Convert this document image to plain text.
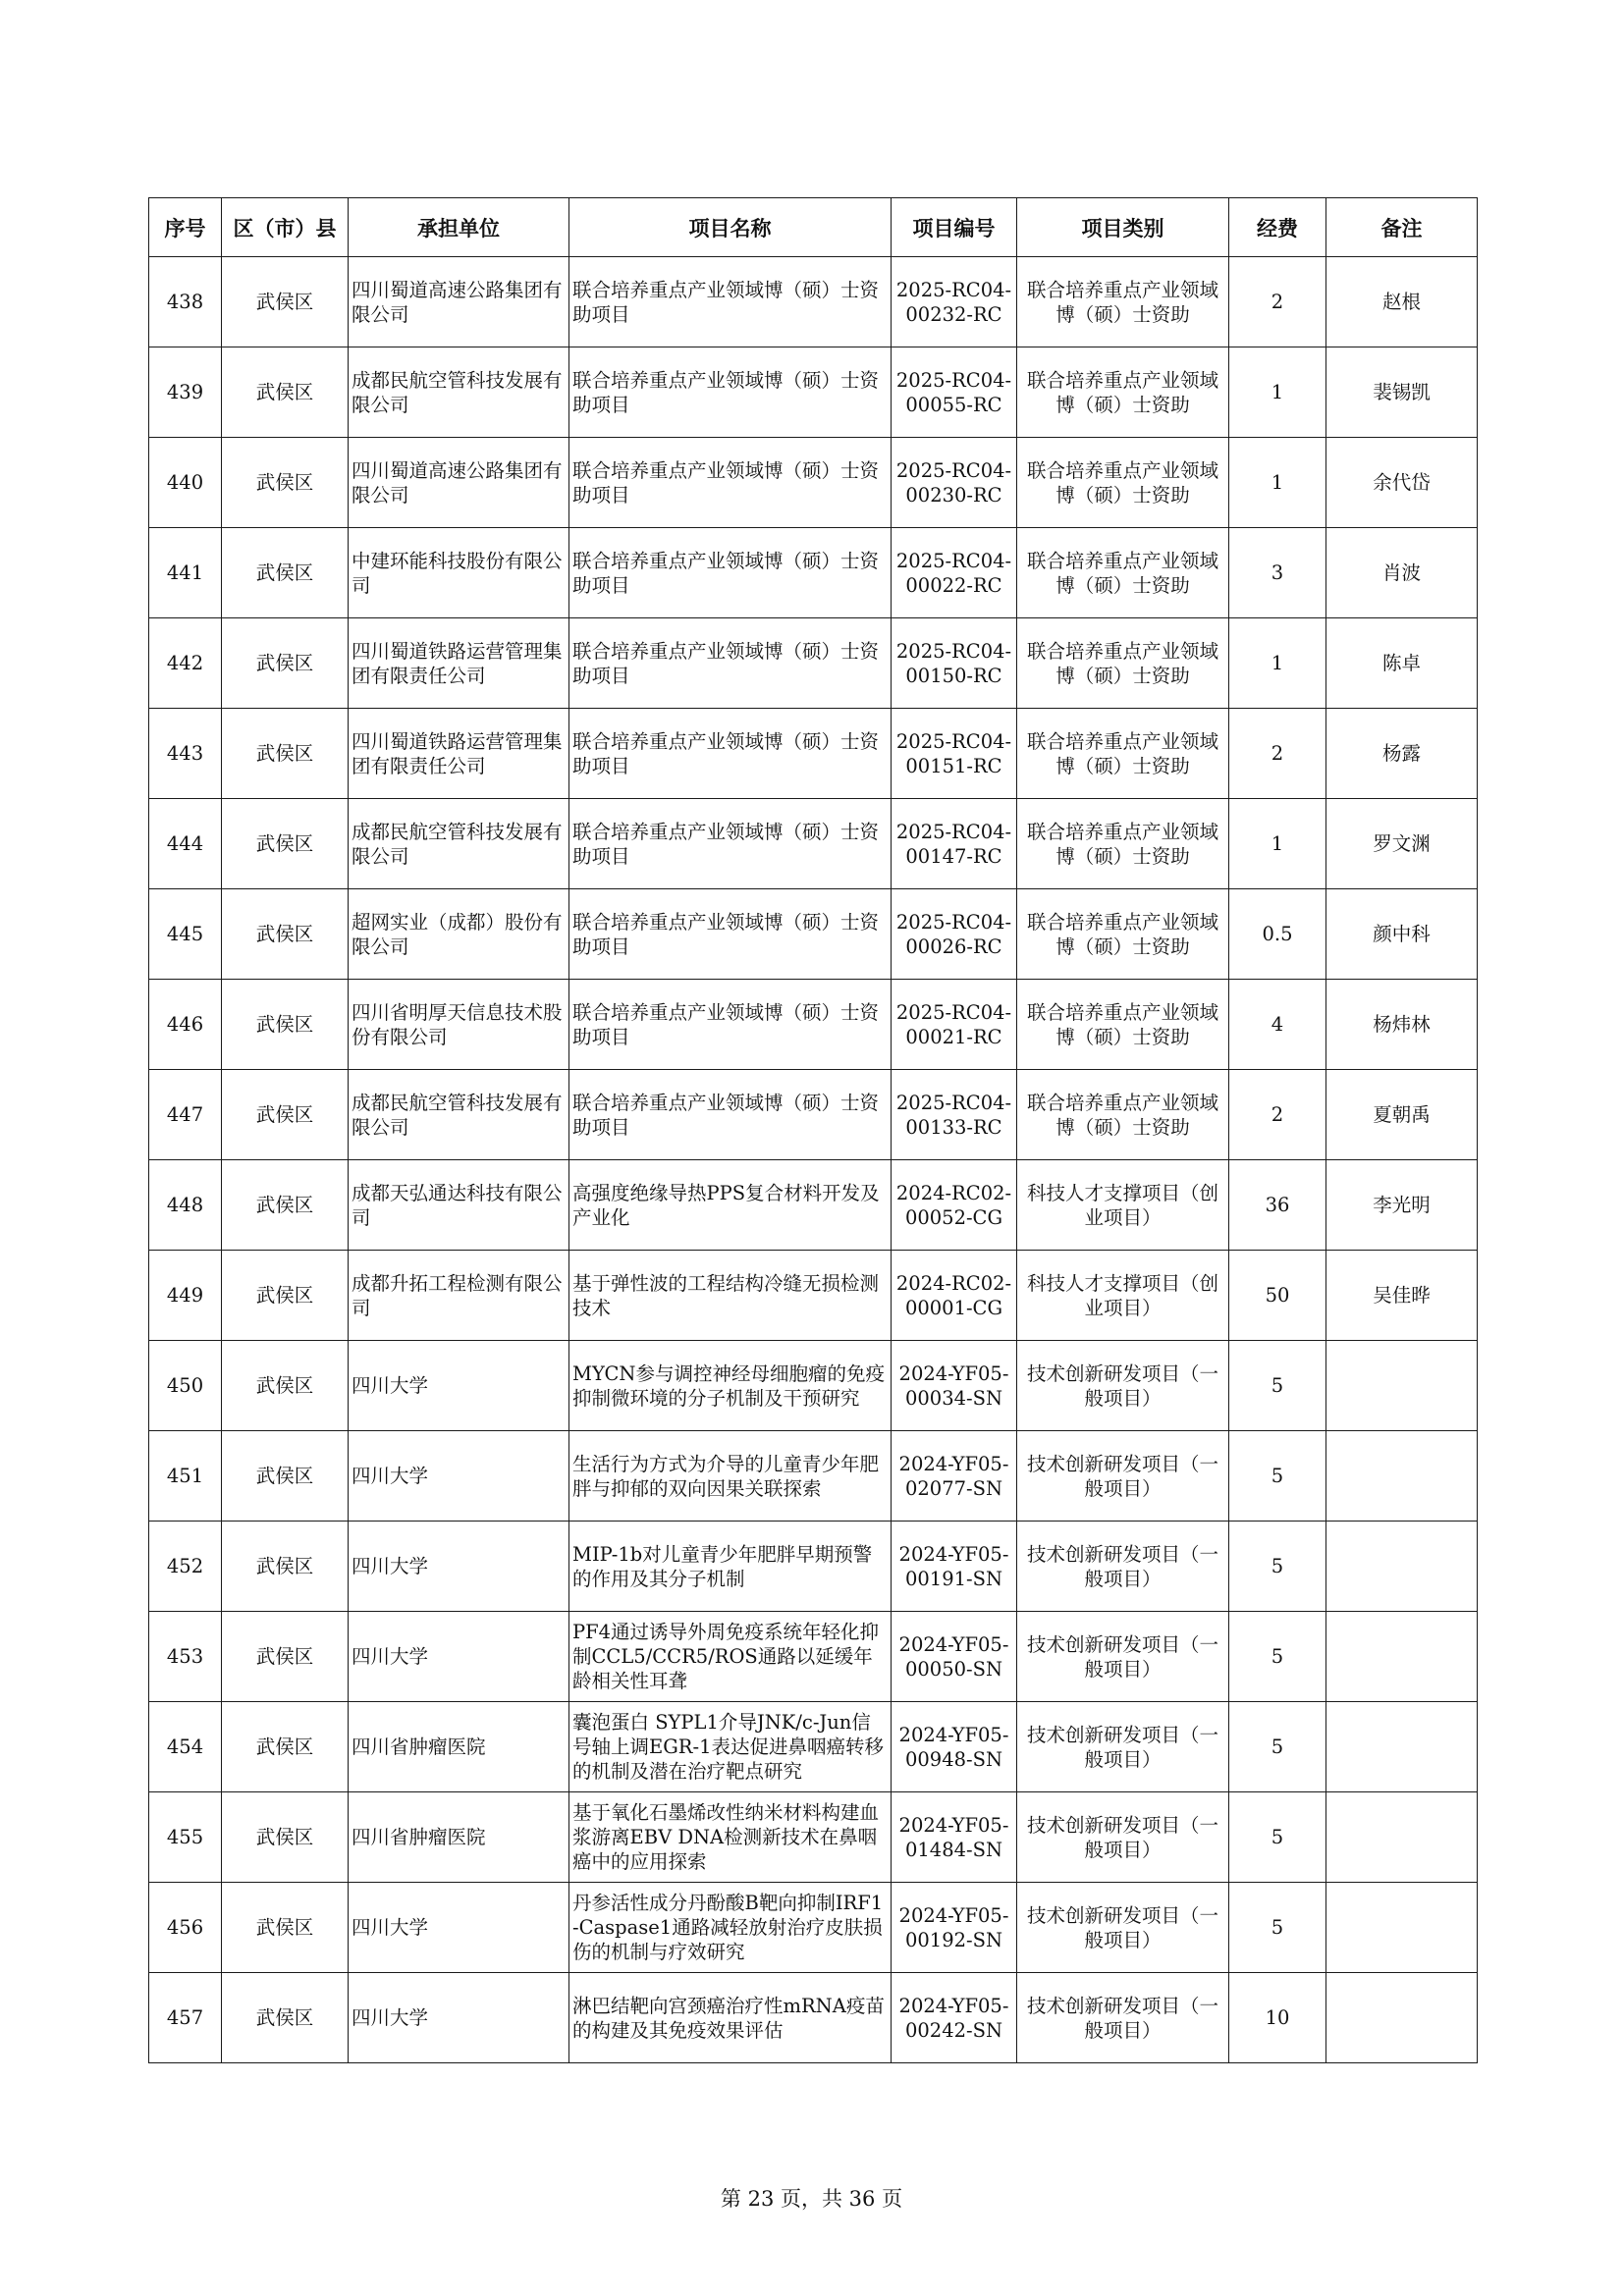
序号	区（市）县	承担单位	项目名称	项目编号	项目类别	经费	备注
438	武侯区	四川蜀道高速公路集团有限公司	联合培养重点产业领域博（硕）士资助项目	2025-RC04-00232-RC	联合培养重点产业领域博（硕）士资助	2	赵根
439	武侯区	成都民航空管科技发展有限公司	联合培养重点产业领域博（硕）士资助项目	2025-RC04-00055-RC	联合培养重点产业领域博（硕）士资助	1	裴锡凯
440	武侯区	四川蜀道高速公路集团有限公司	联合培养重点产业领域博（硕）士资助项目	2025-RC04-00230-RC	联合培养重点产业领域博（硕）士资助	1	余代岱
441	武侯区	中建环能科技股份有限公司	联合培养重点产业领域博（硕）士资助项目	2025-RC04-00022-RC	联合培养重点产业领域博（硕）士资助	3	肖波
442	武侯区	四川蜀道铁路运营管理集团有限责任公司	联合培养重点产业领域博（硕）士资助项目	2025-RC04-00150-RC	联合培养重点产业领域博（硕）士资助	1	陈卓
443	武侯区	四川蜀道铁路运营管理集团有限责任公司	联合培养重点产业领域博（硕）士资助项目	2025-RC04-00151-RC	联合培养重点产业领域博（硕）士资助	2	杨露
444	武侯区	成都民航空管科技发展有限公司	联合培养重点产业领域博（硕）士资助项目	2025-RC04-00147-RC	联合培养重点产业领域博（硕）士资助	1	罗文渊
445	武侯区	超网实业（成都）股份有限公司	联合培养重点产业领域博（硕）士资助项目	2025-RC04-00026-RC	联合培养重点产业领域博（硕）士资助	0.5	颜中科
446	武侯区	四川省明厚天信息技术股份有限公司	联合培养重点产业领域博（硕）士资助项目	2025-RC04-00021-RC	联合培养重点产业领域博（硕）士资助	4	杨炜林
447	武侯区	成都民航空管科技发展有限公司	联合培养重点产业领域博（硕）士资助项目	2025-RC04-00133-RC	联合培养重点产业领域博（硕）士资助	2	夏朝禹
448	武侯区	成都天弘通达科技有限公司	高强度绝缘导热PPS复合材料开发及产业化	2024-RC02-00052-CG	科技人才支撑项目（创业项目）	36	李光明
449	武侯区	成都升拓工程检测有限公司	基于弹性波的工程结构冷缝无损检测技术	2024-RC02-00001-CG	科技人才支撑项目（创业项目）	50	吴佳晔
450	武侯区	四川大学	MYCN参与调控神经母细胞瘤的免疫抑制微环境的分子机制及干预研究	2024-YF05-00034-SN	技术创新研发项目（一般项目）	5	
451	武侯区	四川大学	生活行为方式为介导的儿童青少年肥胖与抑郁的双向因果关联探索	2024-YF05-02077-SN	技术创新研发项目（一般项目）	5	
452	武侯区	四川大学	MIP-1b对儿童青少年肥胖早期预警的作用及其分子机制	2024-YF05-00191-SN	技术创新研发项目（一般项目）	5	
453	武侯区	四川大学	PF4通过诱导外周免疫系统年轻化抑制CCL5/CCR5/ROS通路以延缓年龄相关性耳聋	2024-YF05-00050-SN	技术创新研发项目（一般项目）	5	
454	武侯区	四川省肿瘤医院	囊泡蛋白 SYPL1介导JNK/c-Jun信号轴上调EGR-1表达促进鼻咽癌转移的机制及潜在治疗靶点研究	2024-YF05-00948-SN	技术创新研发项目（一般项目）	5	
455	武侯区	四川省肿瘤医院	基于氧化石墨烯改性纳米材料构建血浆游离EBV DNA检测新技术在鼻咽癌中的应用探索	2024-YF05-01484-SN	技术创新研发项目（一般项目）	5	
456	武侯区	四川大学	丹参活性成分丹酚酸B靶向抑制IRF1-Caspase1通路减轻放射治疗皮肤损伤的机制与疗效研究	2024-YF05-00192-SN	技术创新研发项目（一般项目）	5	
457	武侯区	四川大学	淋巴结靶向宫颈癌治疗性mRNA疫苗的构建及其免疫效果评估	2024-YF05-00242-SN	技术创新研发项目（一般项目）	10	
第 23 页，共 36 页
